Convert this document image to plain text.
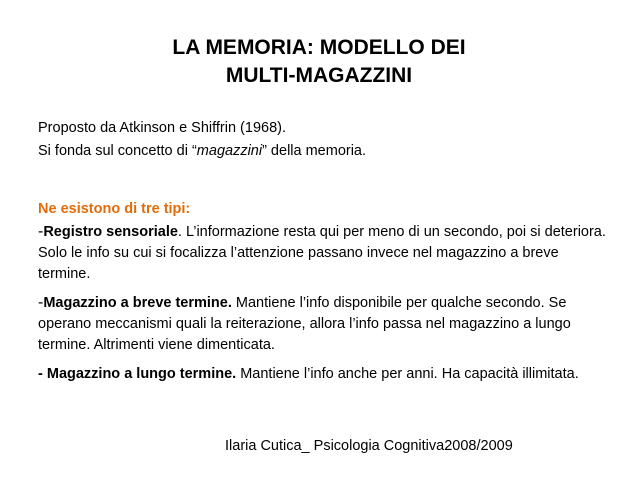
LA MEMORIA: MODELLO DEI
MULTI-MAGAZZINI
Proposto da Atkinson e Shiffrin (1968).
Si fonda sul concetto di “magazzini” della memoria.
Ne esistono di tre tipi:
-Registro sensoriale. L’informazione resta qui per meno di un secondo, poi si deteriora. Solo le info su cui si focalizza l’attenzione passano invece nel magazzino a breve termine.
-Magazzino a breve termine. Mantiene l’info disponibile per qualche secondo. Se operano meccanismi quali la reiterazione, allora l’info passa nel magazzino a lungo termine. Altrimenti viene dimenticata.
- Magazzino a lungo termine. Mantiene l’info anche per anni. Ha capacità illimitata.
Ilaria Cutica_ Psicologia Cognitiva2008/2009
